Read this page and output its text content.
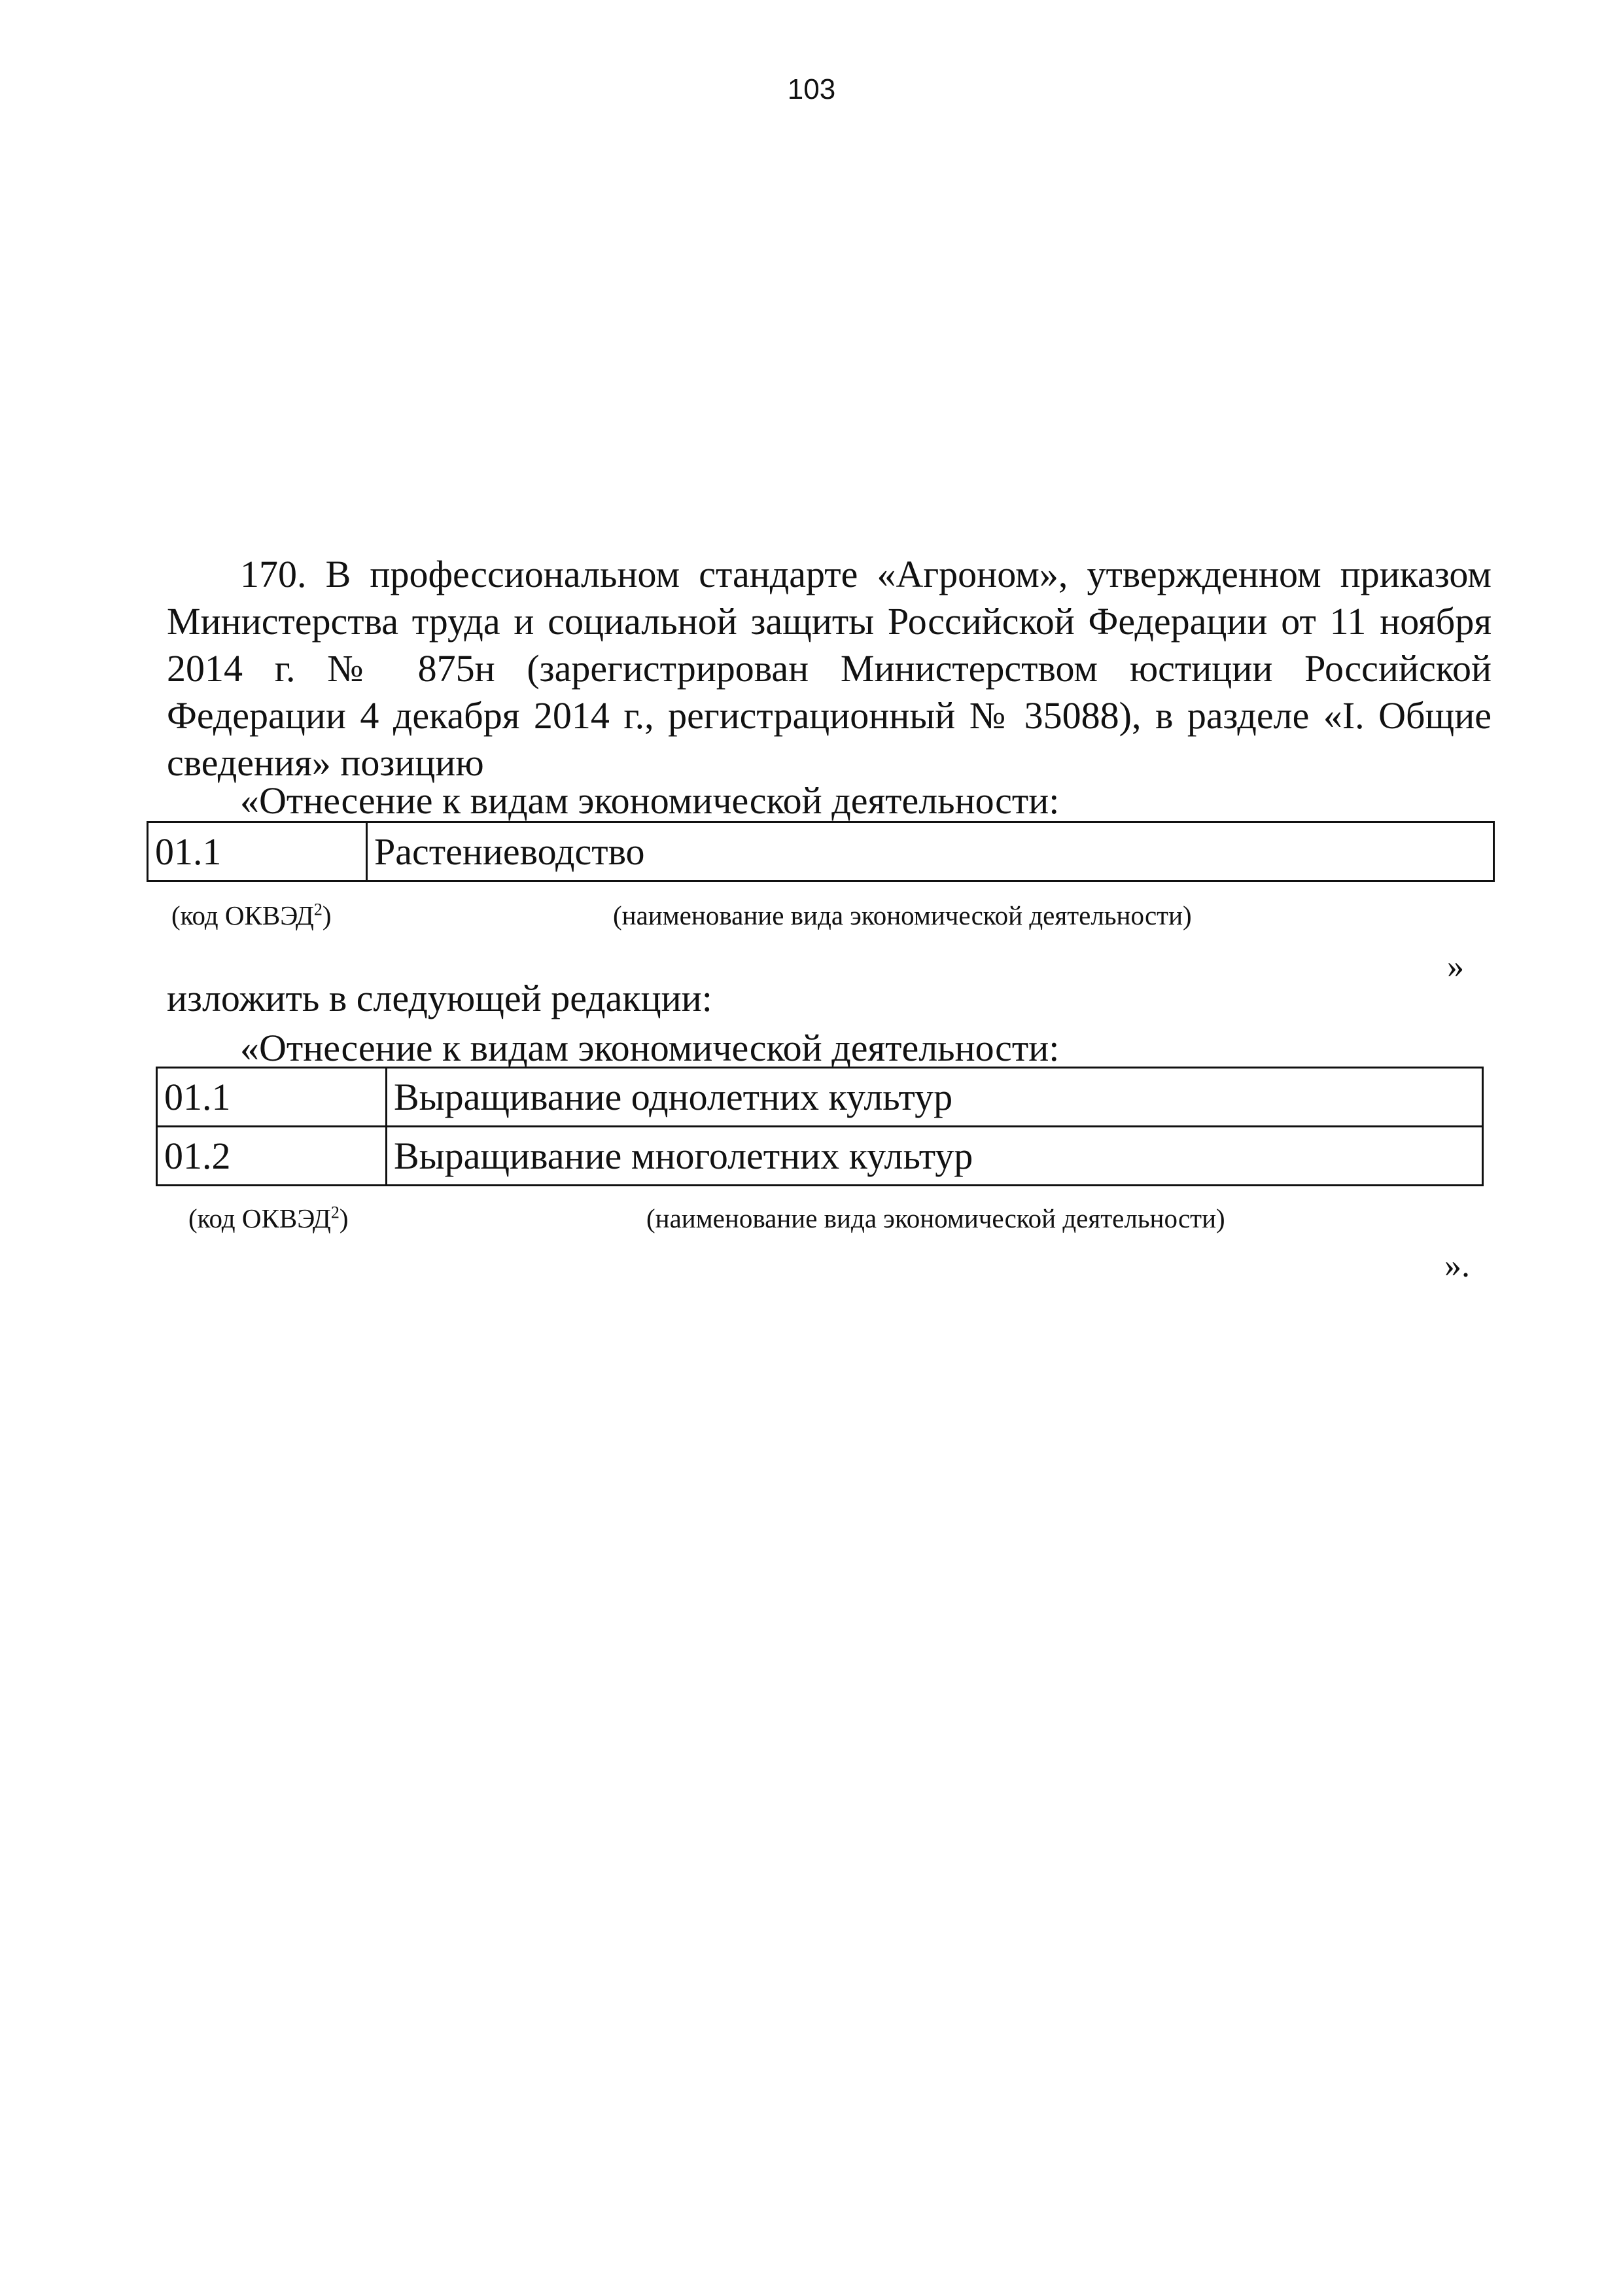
103

170. В профессиональном стандарте «Агроном», утвержденном приказом Министерства труда и социальной защиты Российской Федерации от 11 ноября 2014 г. № 875н (зарегистрирован Министерством юстиции Российской Федерации 4 декабря 2014 г., регистрационный № 35088), в разделе «I. Общие сведения» позицию

«Отнесение к видам экономической деятельности:
01.1	Растениеводство
(код ОКВЭД$^2$)	(наименование вида экономической деятельности)
»
изложить в следующей редакции:
«Отнесение к видам экономической деятельности:
01.1	Выращивание однолетних культур
01.2	Выращивание многолетних культур
(код ОКВЭД$^2$)	(наименование вида экономической деятельности)
».
